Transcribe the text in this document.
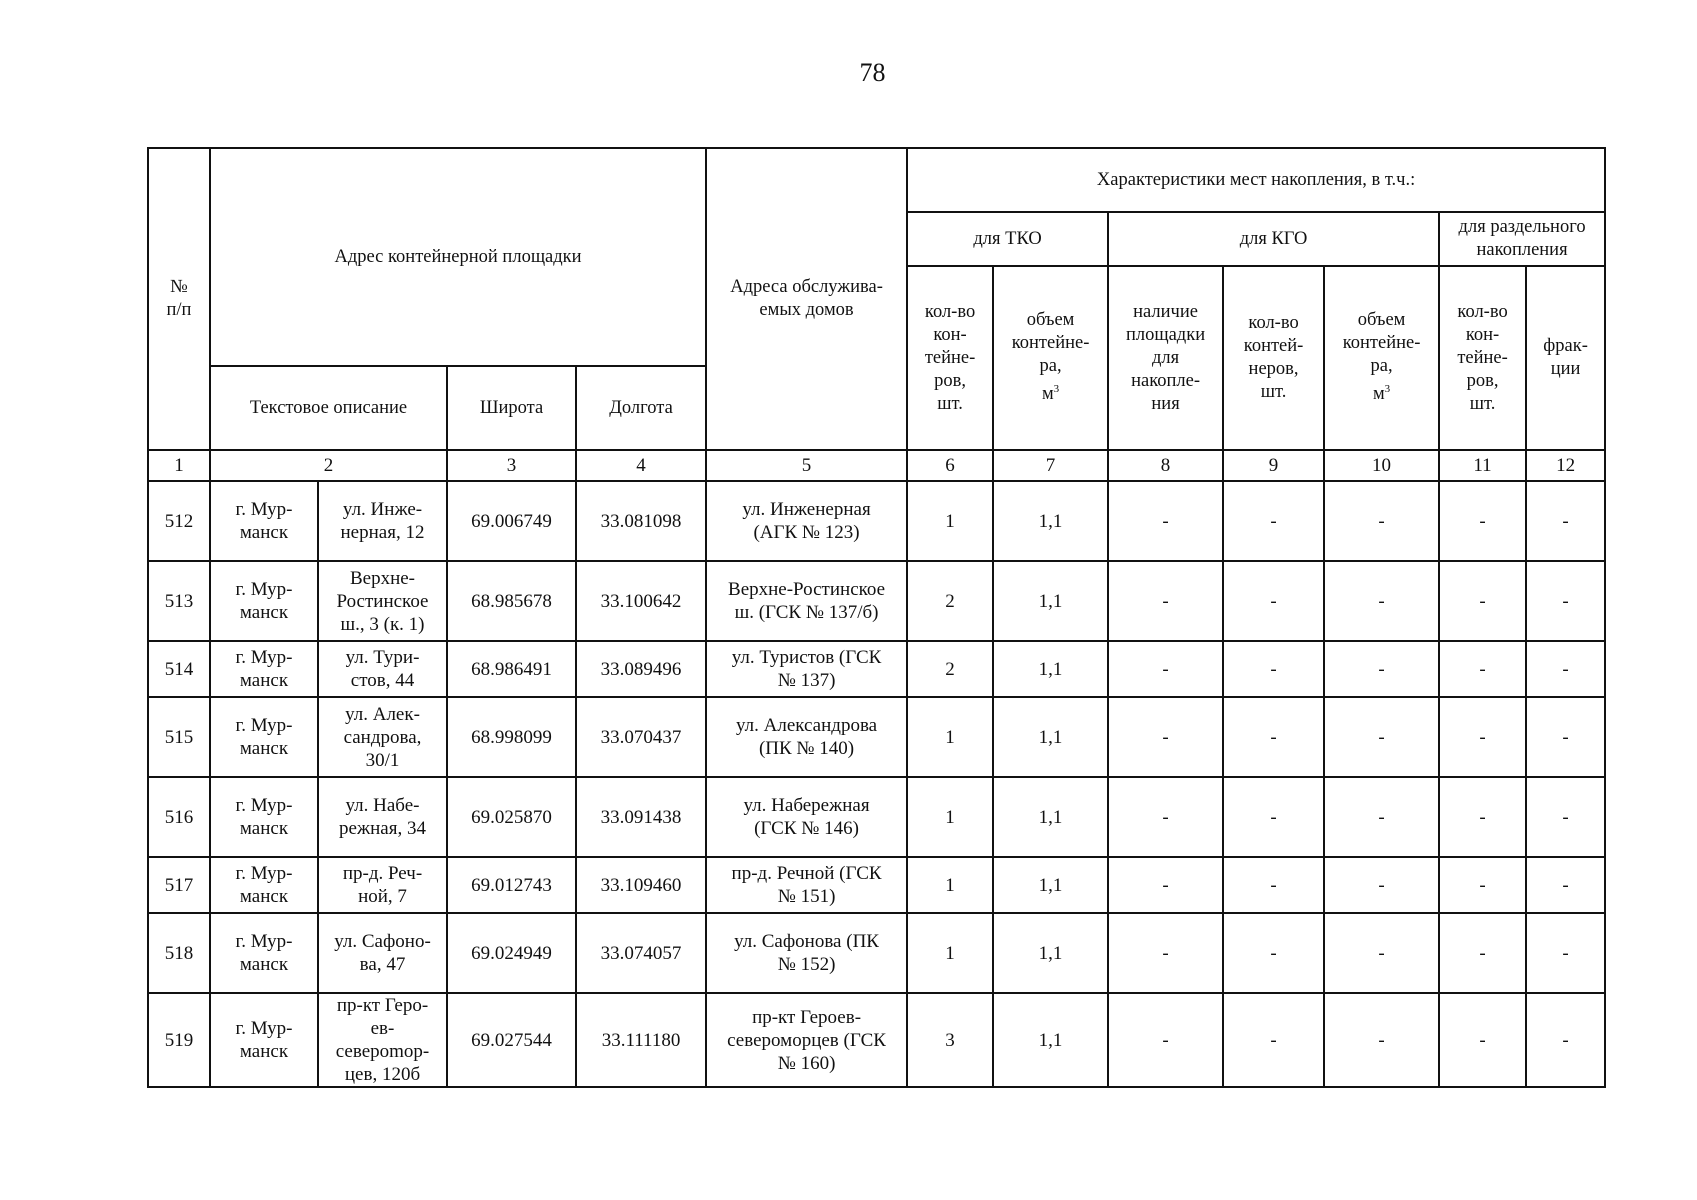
78
№
п/п	Адрес контейнерной площадки				Адреса обслужива-
емых домов	Характеристики мест накопления, в т.ч.:						
						для ТКО		для КГО			для раздельного
накопления	
						кол-во
кон-
тейне-
ров,
шт.	объем
контейне-
ра,
$м^3$	наличие
площадки
для
накопле-
ния	кол-во
контей-
неров,
шт.	объем
контейне-
ра,
$м^3$	кол-во
кон-
тейне-
ров,
шт.	фрак-
ции
	Текстовое описание		Широта	Долгота								
1	2		3	4	5	6	7	8	9	10	11	12
512	г. Мур-
манск	ул. Инже-
нерная, 12	69.006749	33.081098	ул. Инженерная
(АГК № 123)	1	1,1	-	-	-	-	-
513	г. Мур-
манск	Верхне-
Ростинское
ш., 3 (к. 1)	68.985678	33.100642	Верхне-Ростинское
ш. (ГСК № 137/б)	2	1,1	-	-	-	-	-
514	г. Мур-
манск	ул. Тури-
стов, 44	68.986491	33.089496	ул. Туристов (ГСК
№ 137)	2	1,1	-	-	-	-	-
515	г. Мур-
манск	ул. Алек-
сандрова,
30/1	68.998099	33.070437	ул. Александрова
(ПК № 140)	1	1,1	-	-	-	-	-
516	г. Мур-
манск	ул. Набе-
режная, 34	69.025870	33.091438	ул. Набережная
(ГСК № 146)	1	1,1	-	-	-	-	-
517	г. Мур-
манск	пр-д. Реч-
ной, 7	69.012743	33.109460	пр-д. Речной (ГСК
№ 151)	1	1,1	-	-	-	-	-
518	г. Мур-
манск	ул. Сафоно-
ва, 47	69.024949	33.074057	ул. Сафонова (ПК
№ 152)	1	1,1	-	-	-	-	-
519	г. Мур-
манск	пр-кт Геро-
ев-
североmор-
цев, 120б	69.027544	33.111180	пр-кт Героев-
североморцев (ГСК
№ 160)	3	1,1	-	-	-	-	-
